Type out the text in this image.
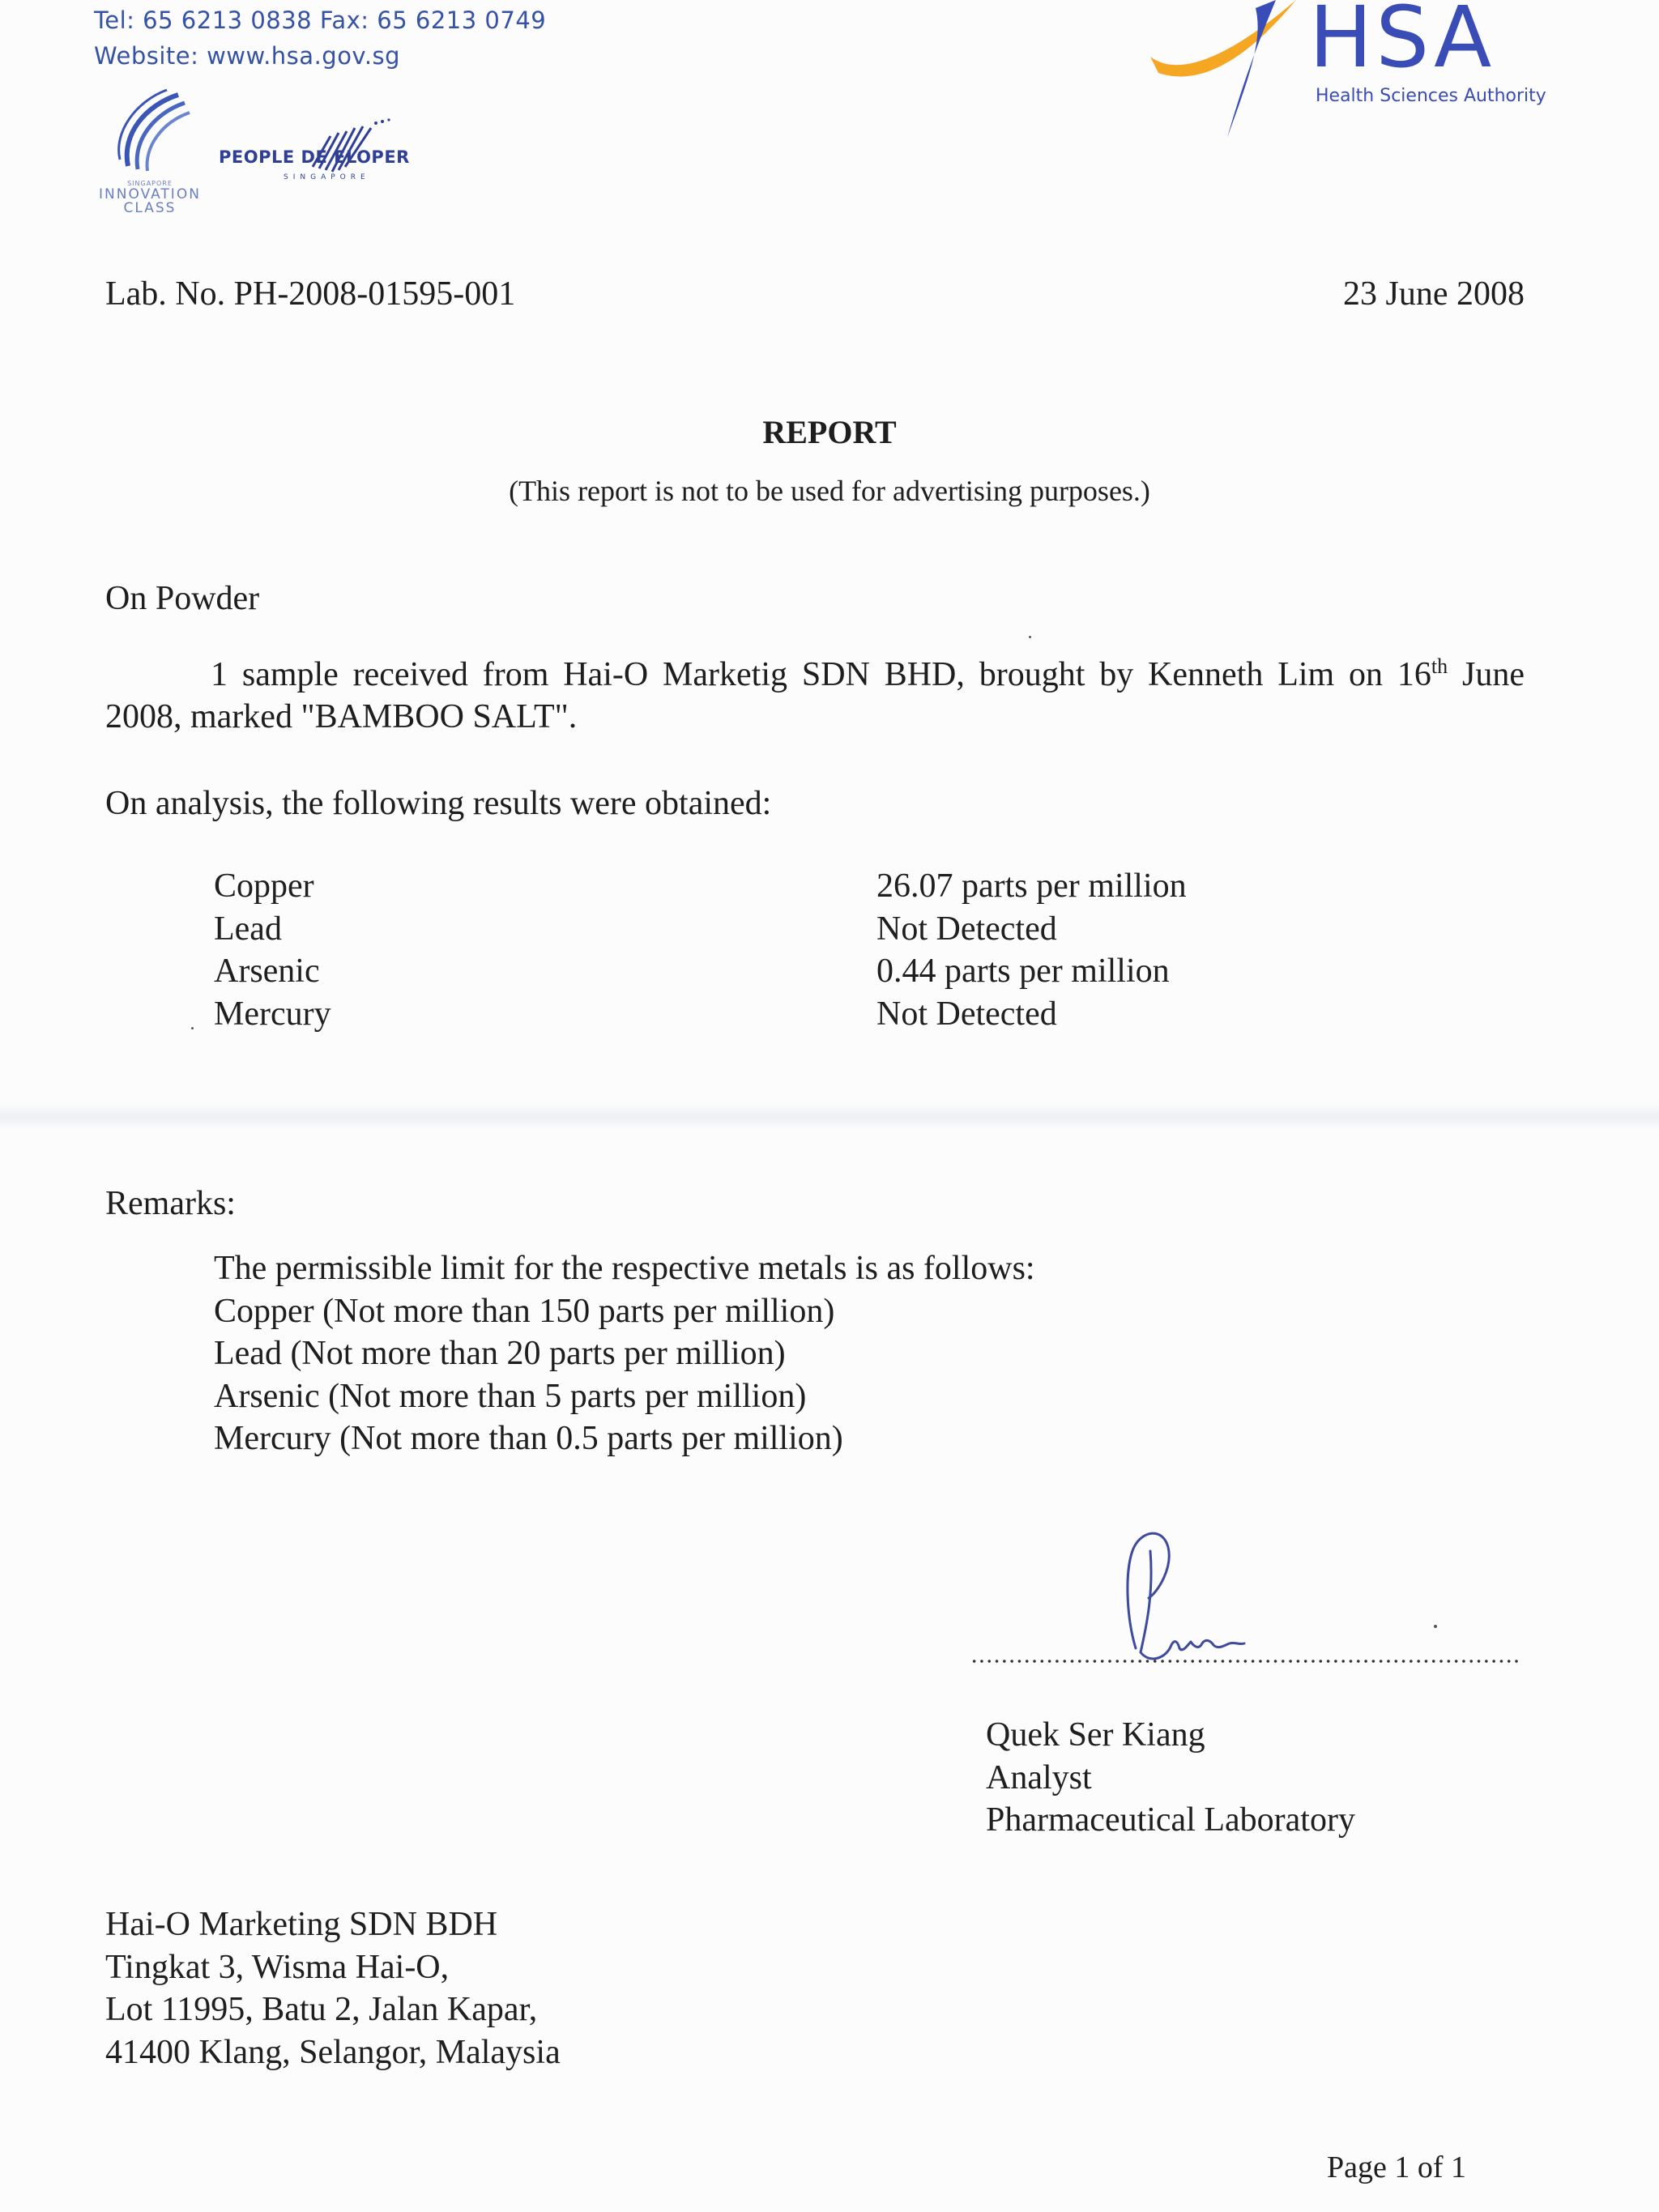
Tel: 65 6213 0838 Fax: 65 6213 0749
Website: www.hsa.gov.sg
SINGAPORE
INNOVATION
CLASS
PEOPLE DE ELOPER
SINGAPORE
HSA
Health Sciences Authority
Lab. No. PH-2008-01595-001	23 June 2008
REPORT
(This report is not to be used for advertising purposes.)
On Powder
1 sample received from Hai-O Marketig SDN BHD, brought by Kenneth Lim on 16th June 2008, marked "BAMBOO SALT".
On analysis, the following results were obtained:
Copper	26.07 parts per million
Lead	Not Detected
Arsenic	0.44 parts per million
Mercury	Not Detected
Remarks:
The permissible limit for the respective metals is as follows:
Copper (Not more than 150 parts per million)
Lead (Not more than 20 parts per million)
Arsenic (Not more than 5 parts per million)
Mercury (Not more than 0.5 parts per million)
Quek Ser Kiang
Analyst
Pharmaceutical Laboratory
Hai-O Marketing SDN BDH
Tingkat 3, Wisma Hai-O,
Lot 11995, Batu 2, Jalan Kapar,
41400 Klang, Selangor, Malaysia
Page 1 of 1
